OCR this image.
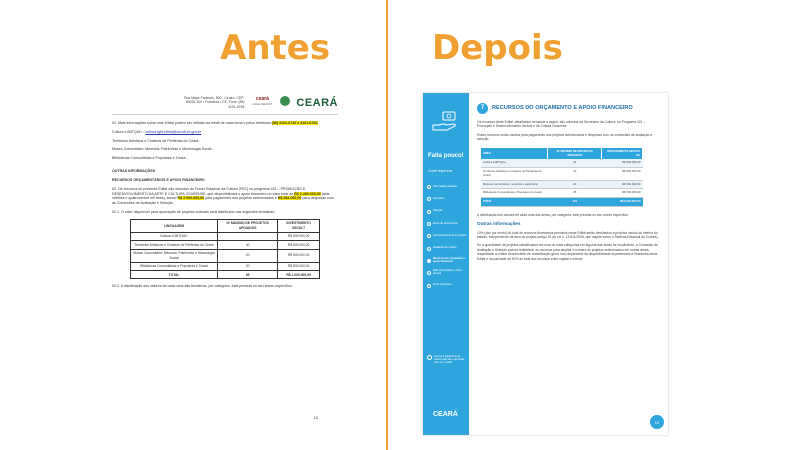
Antes	Depois
Rua Major Facundo, 500 - Centro, CEP: 60025-100 • Fortaleza - CE, Fone: (85) 3101-6764
ceará
cultura SECULT CEARÁ

51. Mais informações sobre este Edital podem ser obtidas via email de cada tema e pelos telefones (85) 3101-6740 e 3101-6782.

Cultura LGBTQIA+ - cultura.lgbt.edital@secult.ce.gov.br

Territórios Artísticos e Criativos de Periferias do Ceará -

Museu Comunitário: Memória, Patrimônio e Museologia Social -

Bibliotecas Comunitárias e Populares e Ceará -

OUTRAS INFORMAÇÕES

RECURSOS ORÇAMENTÁRIOS E APOIO FINANCEIRO

52. Os recursos do presente Edital são oriundos do Fundo Estadual da Cultura (FEC) no programa 421 – PROMOÇÃO E DESENVOLVIMENTO DA ARTE E CULTURA CEARENSE, que disponibilizará o apoio financeiro no valor total de R$ 2.400.000,00 (dois milhões e quatrocentos mil reais), sendo R$ 2.000.000,00 para pagamento dos projetos selecionados e R$ 384.000,00 para despesas com as Comissões de Avaliação e Seleção.

52.1. O valor disponível para aprovação de projetos culturais será distribuído nas seguintes temáticas:

LINGUAGEM	Nº MÁXIMO DE PROJETOS APOIADOS	INVESTIMENTO SECULT
Cultura LGBTQIA+		R$ 500.000,00
Territórios Artísticos e Criativos de Periferias do Ceará	40	R$ 500.000,00
Museu Comunitário: Memória, Patrimônio e Museologia Social	20	R$ 500.000,00
Bibliotecas Comunitárias e Populares e Ceará	20	R$ 500.000,00
TOTAL	95	R$ 2.000.000,00

52.2. A distribuição dos valores de cada uma das temáticas, por categoria, está prevista no seu anexo específico.

13
Falta pouco!
Você está em:
Informações básicas
Inscrições
Seleção
Envio de documentos
Acompanhamento do projeto
Avaliação do projeto
Recursos do orçamento e apoio financeiro
Mais informações e ficha técnica
Ficha de acesso
Acesse a plataforma de cultura pelo site e aproveite para ver o edital
CEARÁ
7	RECURSOS DO ORÇAMENTO E APOIO FINANCEIRO

Os recursos deste Edital, detalhados na tabela a seguir, são oriundos da Secretaria da Cultura, no Programa 421 – Promoção e Desenvolvimento da Arte e da Cultura Cearense.

Esses recursos serão usados para pagamento aos projetos selecionados e despesas com as comissões de avaliação e seleção.

ÁREA	Nº MÁXIMO DE PROJETOS APOIADOS	INVESTIMENTO SECULT CE
Cultura LGBTQIA+	34	R$ 504.000,00
Territórios Artísticos e Criativos de Periferias do Ceará	40	R$ 500.000,00
Museus comunitários: memória e patrimônio	20	R$ 500.000,00
Bibliotecas Comunitárias e Populares do Ceará	25	R$ 500.000,00
TOTAL	101	R$ 2.004.000,00

A distribuição dos valores de cada uma das áreas, por categoria, está prevista no seu anexo específico.

Outras informações

10% (dez por cento) do total de recursos financeiros previstos neste Edital serão destinados a projetos vindos do interior do estado, independente da área do projeto (artigo 15 da Lei n. 13.811/2006, que dispõe sobre o Sistema Estadual da Cultura).

Se a quantidade de projetos classificados em uma ou mais categorias em alguma das áreas for insuficiente, a Comissão de Avaliação e Seleção poderá redistribuir os recursos para ampliar o número de projetos selecionados em outras áreas, respeitando a ordem decrescente de classificação geral. Isso dependerá da disponibilidade orçamentária e financeira deste Edital e da paridade de 50% do total dos recursos entre capital e interior.

13
